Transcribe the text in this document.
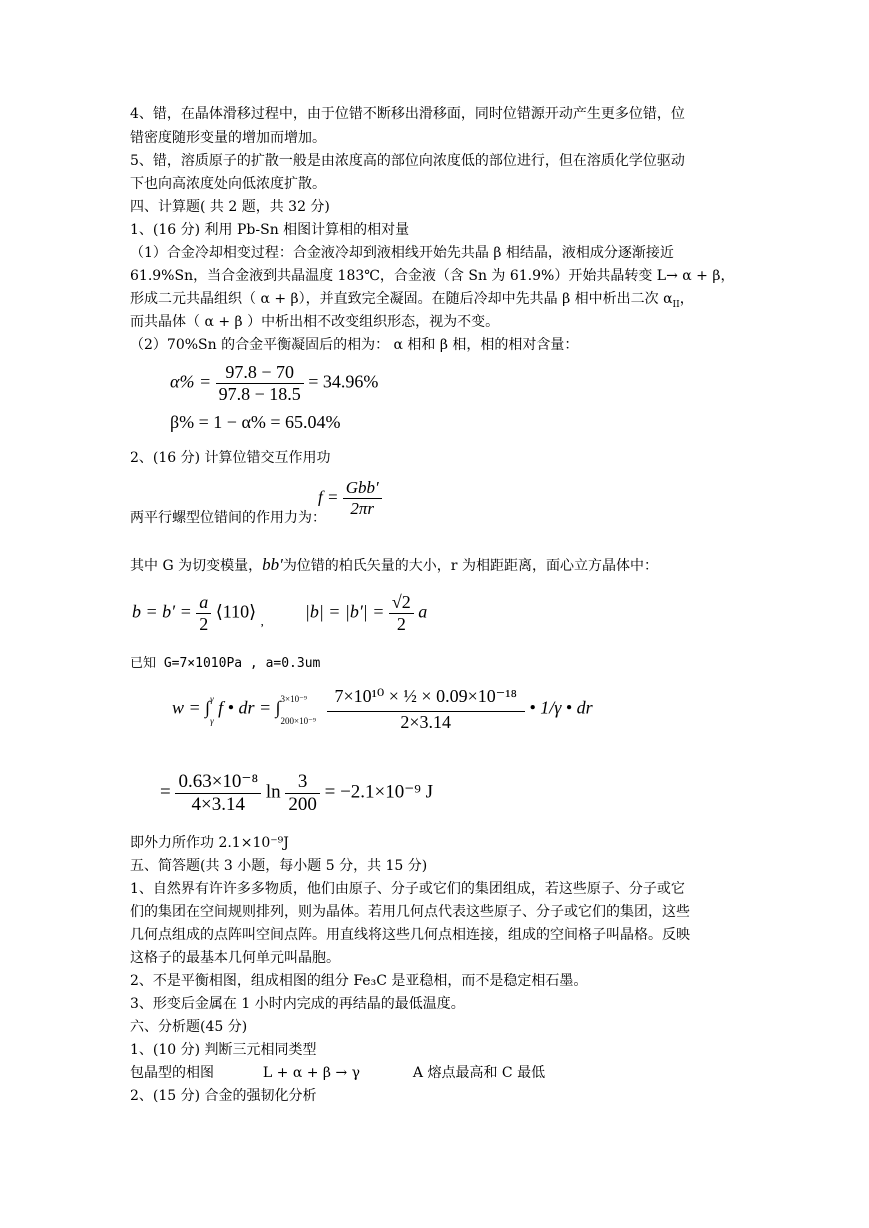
4、错，在晶体滑移过程中，由于位错不断移出滑移面，同时位错源开动产生更多位错，位
错密度随形变量的增加而增加。
5、错，溶质原子的扩散一般是由浓度高的部位向浓度低的部位进行，但在溶质化学位驱动
下也向高浓度处向低浓度扩散。
四、计算题( 共 2 题，共 32 分)
1、(16 分) 利用 Pb-Sn 相图计算相的相对量
（1）合金冷却相变过程：合金液冷却到液相线开始先共晶 β 相结晶，液相成分逐渐接近
61.9%Sn，当合金液到共晶温度 183℃，合金液（含 Sn 为 61.9%）开始共晶转变 L→ α + β，
形成二元共晶组织（ α + β），并直致完全凝固。在随后冷却中先共晶 β 相中析出二次 $\alpha_{II}$，
而共晶体（ α + β ）中析出相不改变组织形态，视为不变。
（2）70%Sn 的合金平衡凝固后的相为： α 相和 β 相，相的相对含量：
$\alpha\% = \frac{97.8 - 70}{97.8 - 18.5} = 34.96\%$
β% = 1 − α% = 65.04%
2、(16 分) 计算位错交互作用功
$f = \frac{\text{Gbb′}}{2\pi r}$
两平行螺型位错间的作用力为：
其中 G 为切变模量，bb′为位错的柏氏矢量的大小，r 为相距距离，面心立方晶体中：
$b = b' = \frac{a}{2}$ ⟨110⟩ $_,$ $|b| = |b'| = \frac{√2}{2}$ a
已知 G=7×1010Pa , a=0.3um
w = ∫ γ
γ
f • dr = ∫ 3×10⁻⁹
200×10⁻⁹
$\frac{\text{7×10¹⁰ × ½ × 0.09×10⁻¹⁸}}{2\times 3.14}$ • 1/γ • dr
= $\frac{\text{0.63×10⁻⁸}}{4\times 3.14}$ $\ln \frac{3}{200} = -2.1\times 10^{-9}$ J
即外力所作功 2.1×10⁻⁹J
五、简答题(共 3 小题，每小题 5 分，共 15 分)
1、自然界有许许多多物质，他们由原子、分子或它们的集团组成，若这些原子、分子或它
们的集团在空间规则排列，则为晶体。若用几何点代表这些原子、分子或它们的集团，这些
几何点组成的点阵叫空间点阵。用直线将这些几何点相连接，组成的空间格子叫晶格。反映
这格子的最基本几何单元叫晶胞。
2、不是平衡相图，组成相图的组分 Fe₃C 是亚稳相，而不是稳定相石墨。
3、形变后金属在 1 小时内完成的再结晶的最低温度。
六、分析题(45 分)
1、(10 分) 判断三元相同类型
包晶型的相图	L + α + β → γ	A 熔点最高和 C 最低
2、(15 分) 合金的强韧化分析
